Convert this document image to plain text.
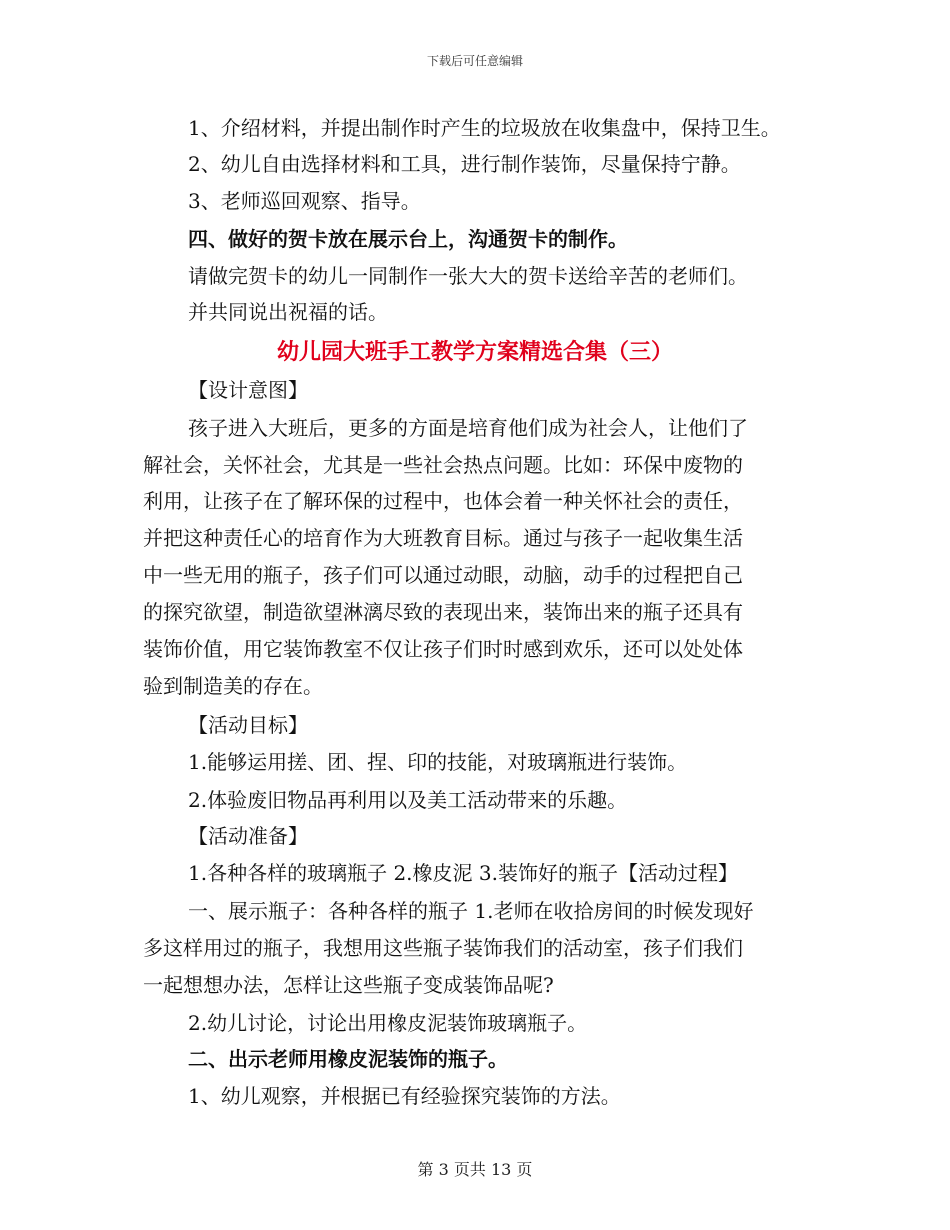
下载后可任意编辑
1、介绍材料，并提出制作时产生的垃圾放在收集盘中，保持卫生。
2、幼儿自由选择材料和工具，进行制作装饰，尽量保持宁静。
3、老师巡回观察、指导。
四、做好的贺卡放在展示台上，沟通贺卡的制作。
请做完贺卡的幼儿一同制作一张大大的贺卡送给辛苦的老师们。
并共同说出祝福的话。
幼儿园大班手工教学方案精选合集（三）
【设计意图】
孩子进入大班后，更多的方面是培育他们成为社会人，让他们了
解社会，关怀社会，尤其是一些社会热点问题。比如：环保中废物的
利用，让孩子在了解环保的过程中，也体会着一种关怀社会的责任，
并把这种责任心的培育作为大班教育目标。通过与孩子一起收集生活
中一些无用的瓶子，孩子们可以通过动眼，动脑，动手的过程把自己
的探究欲望，制造欲望淋漓尽致的表现出来，装饰出来的瓶子还具有
装饰价值，用它装饰教室不仅让孩子们时时感到欢乐，还可以处处体
验到制造美的存在。
【活动目标】
1.能够运用搓、团、捏、印的技能，对玻璃瓶进行装饰。
2.体验废旧物品再利用以及美工活动带来的乐趣。
【活动准备】
1.各种各样的玻璃瓶子 2.橡皮泥 3.装饰好的瓶子【活动过程】
一、展示瓶子：各种各样的瓶子 1.老师在收拾房间的时候发现好
多这样用过的瓶子，我想用这些瓶子装饰我们的活动室，孩子们我们
一起想想办法，怎样让这些瓶子变成装饰品呢?
2.幼儿讨论，讨论出用橡皮泥装饰玻璃瓶子。
二、出示老师用橡皮泥装饰的瓶子。
1、幼儿观察，并根据已有经验探究装饰的方法。
第 3 页共 13 页
